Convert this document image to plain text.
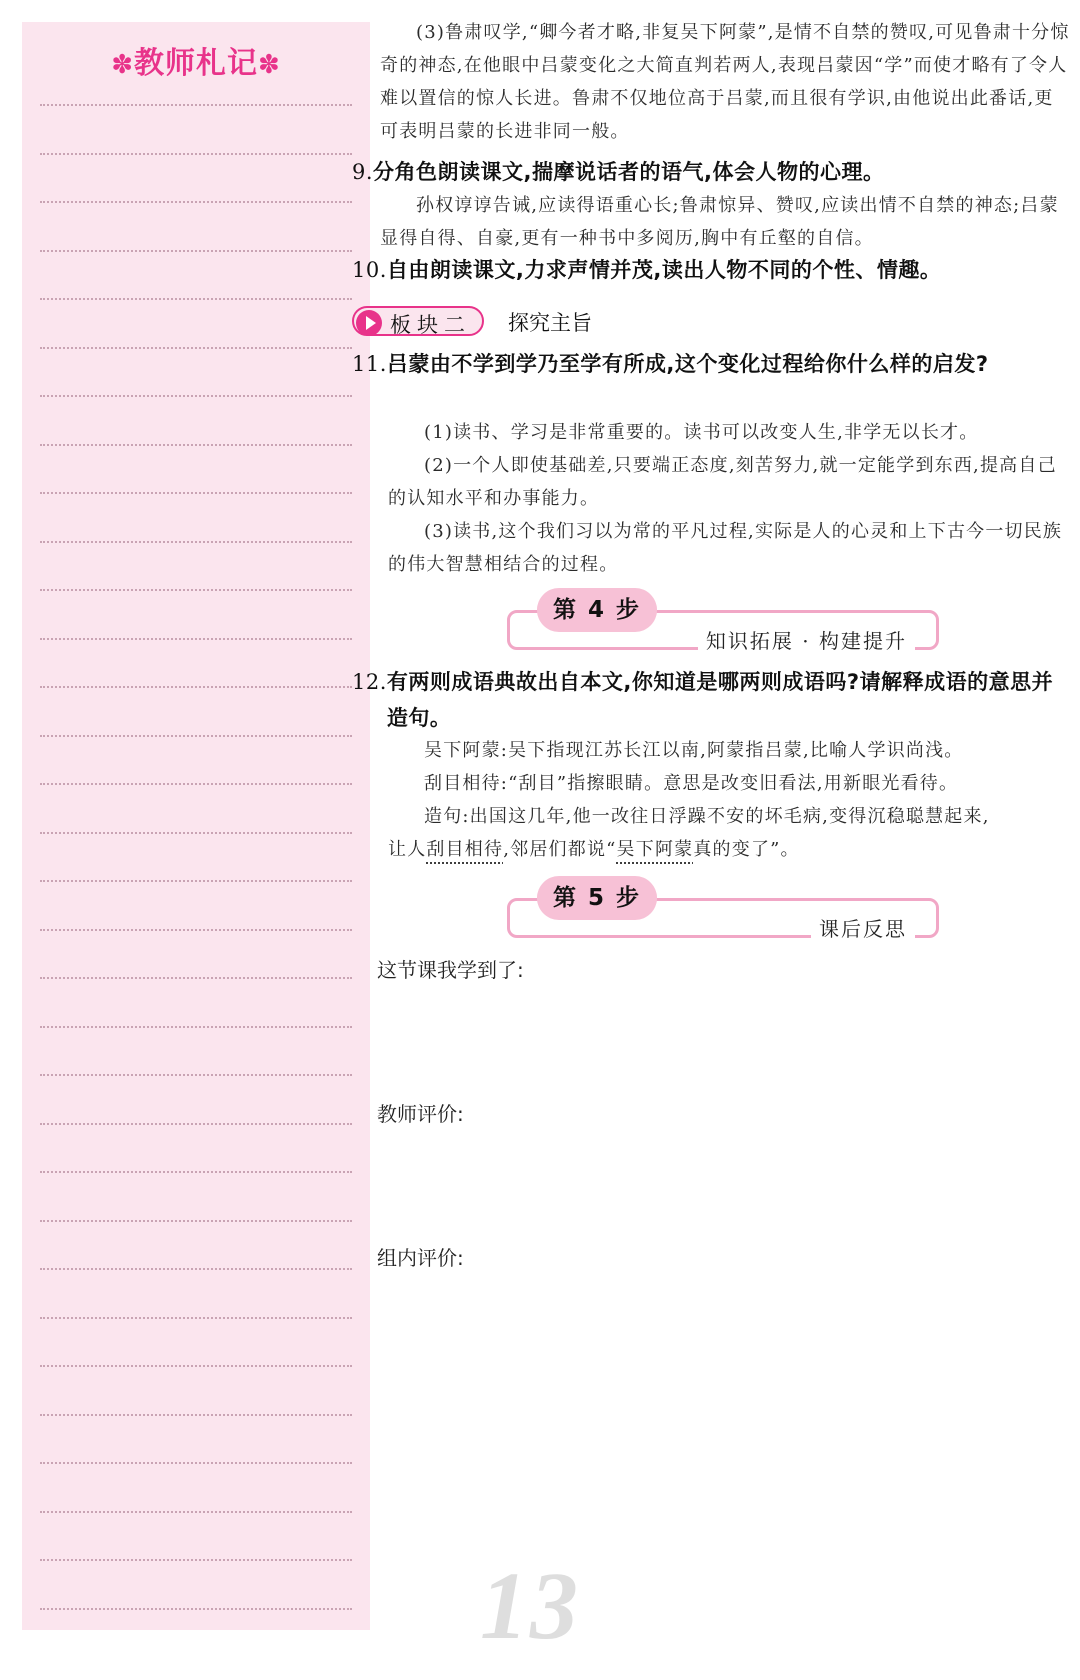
✽教师札记✽
(3)鲁肃叹学,“卿今者才略,非复吴下阿蒙”,是情不自禁的赞叹,可见鲁肃十分惊奇的神态,在他眼中吕蒙变化之大简直判若两人,表现吕蒙因“学”而使才略有了令人难以置信的惊人长进。鲁肃不仅地位高于吕蒙,而且很有学识,由他说出此番话,更可表明吕蒙的长进非同一般。
9.分角色朗读课文,揣摩说话者的语气,体会人物的心理。
孙权谆谆告诫,应读得语重心长;鲁肃惊异、赞叹,应读出情不自禁的神态;吕蒙显得自得、自豪,更有一种书中多阅历,胸中有丘壑的自信。
10.自由朗读课文,力求声情并茂,读出人物不同的个性、情趣。
板块二 探究主旨
11. 吕蒙由不学到学乃至学有所成,这个变化过程给你什么样的启发?
(1)读书、学习是非常重要的。读书可以改变人生,非学无以长才。
(2)一个人即使基础差,只要端正态度,刻苦努力,就一定能学到东西,提高自己的认知水平和办事能力。
(3)读书,这个我们习以为常的平凡过程,实际是人的心灵和上下古今一切民族的伟大智慧相结合的过程。
第 4 步
知识拓展 · 构建提升
12. 有两则成语典故出自本文,你知道是哪两则成语吗?请解释成语的意思并造句。
吴下阿蒙:吴下指现江苏长江以南,阿蒙指吕蒙,比喻人学识尚浅。
刮目相待:“刮目”指擦眼睛。意思是改变旧看法,用新眼光看待。
造句:出国这几年,他一改往日浮躁不安的坏毛病,变得沉稳聪慧起来,
让人刮目相待,邻居们都说“吴下阿蒙真的变了”。
第 5 步
课后反思
这节课我学到了:
教师评价:
组内评价:
13
